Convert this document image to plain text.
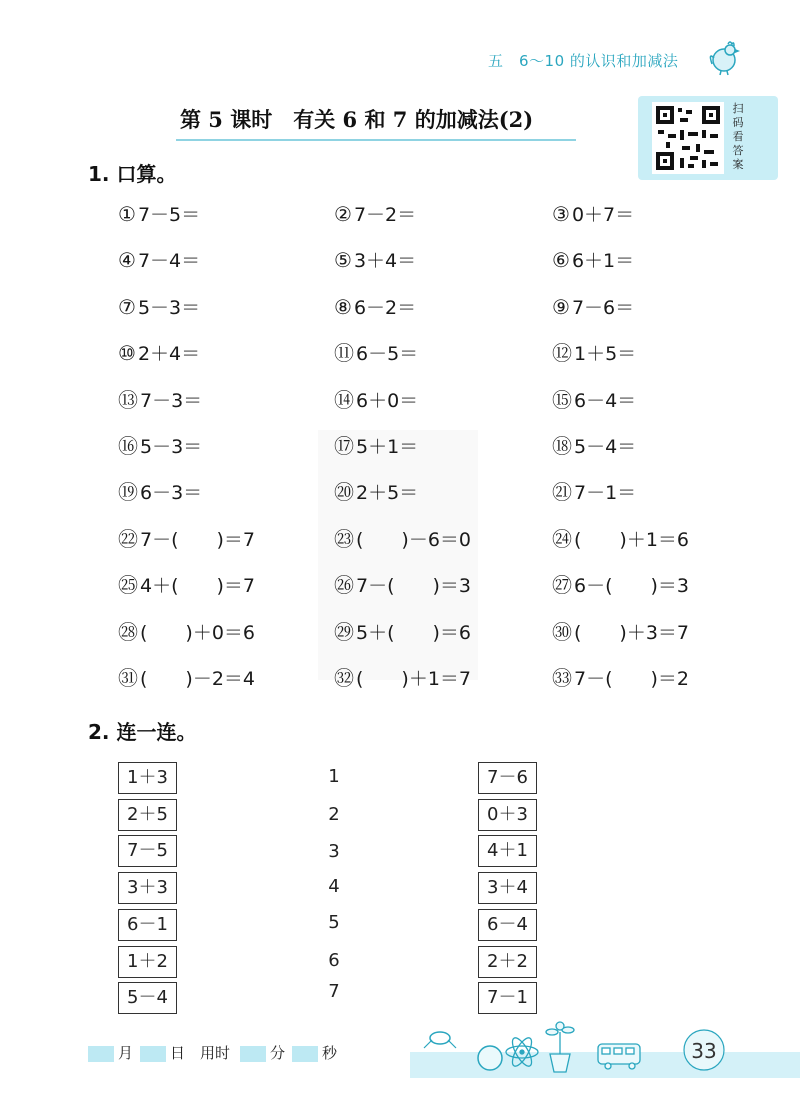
五　6～10 的认识和加减法
第 5 课时　有关 6 和 7 的加减法(2)	扫
码
看
答
案
1. 口算。
① 7－5＝	② 7－2＝	③ 0＋7＝
④ 7－4＝	⑤ 3＋4＝	⑥ 6＋1＝
⑦ 5－3＝	⑧ 6－2＝	⑨ 7－6＝
⑩ 2＋4＝	⑪ 6－5＝	⑫ 1＋5＝
⑬ 7－3＝	⑭ 6＋0＝	⑮ 6－4＝
⑯ 5－3＝	⑰ 5＋1＝	⑱ 5－4＝
⑲ 6－3＝	⑳ 2＋5＝	㉑ 7－1＝
㉒ 7－(　　)＝7	㉓ (　　)－6＝0	㉔ (　　)＋1＝6
㉕ 4＋(　　)＝7	㉖ 7－(　　)＝3	㉗ 6－(　　)＝3
㉘ (　　)＋0＝6	㉙ 5＋(　　)＝6	㉚ (　　)＋3＝7
㉛ (　　)－2＝4	㉜ (　　)＋1＝7	㉝ 7－(　　)＝2
2. 连一连。
1＋3
2＋5
7－5
3＋3
6－1
1＋2
5－4
1
2
3
4
5
6
7
7－6
0＋3
4＋1
3＋4
6－4
2＋2
7－1
月 日 用时	分 秒	33
